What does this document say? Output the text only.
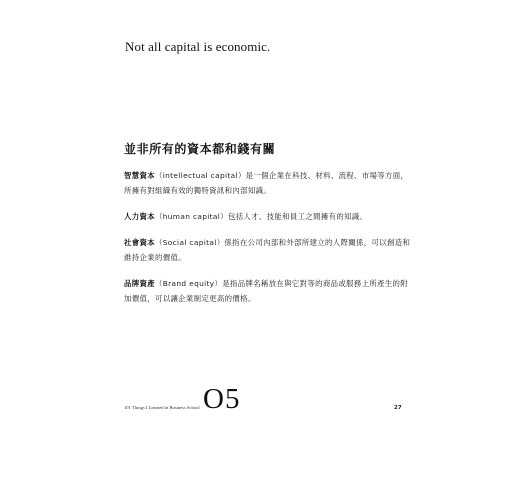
Not all capital is economic.
並非所有的資本都和錢有關
智慧資本（intellectual capital）是一個企業在科技、材料、流程、市場等方面，所擁有對組織有效的獨特資訊和內部知識。
人力資本（human capital）包括人才、技能和員工之間擁有的知識。
社會資本（Social capital）係指在公司內部和外部所建立的人際關係，可以創造和維持企業的價值。
品牌資產（Brand equity）是指品牌名稱放在與它對等的商品或服務上所產生的附加價值，可以讓企業制定更高的價格。
101 Things I Learned in Business School O5	27
